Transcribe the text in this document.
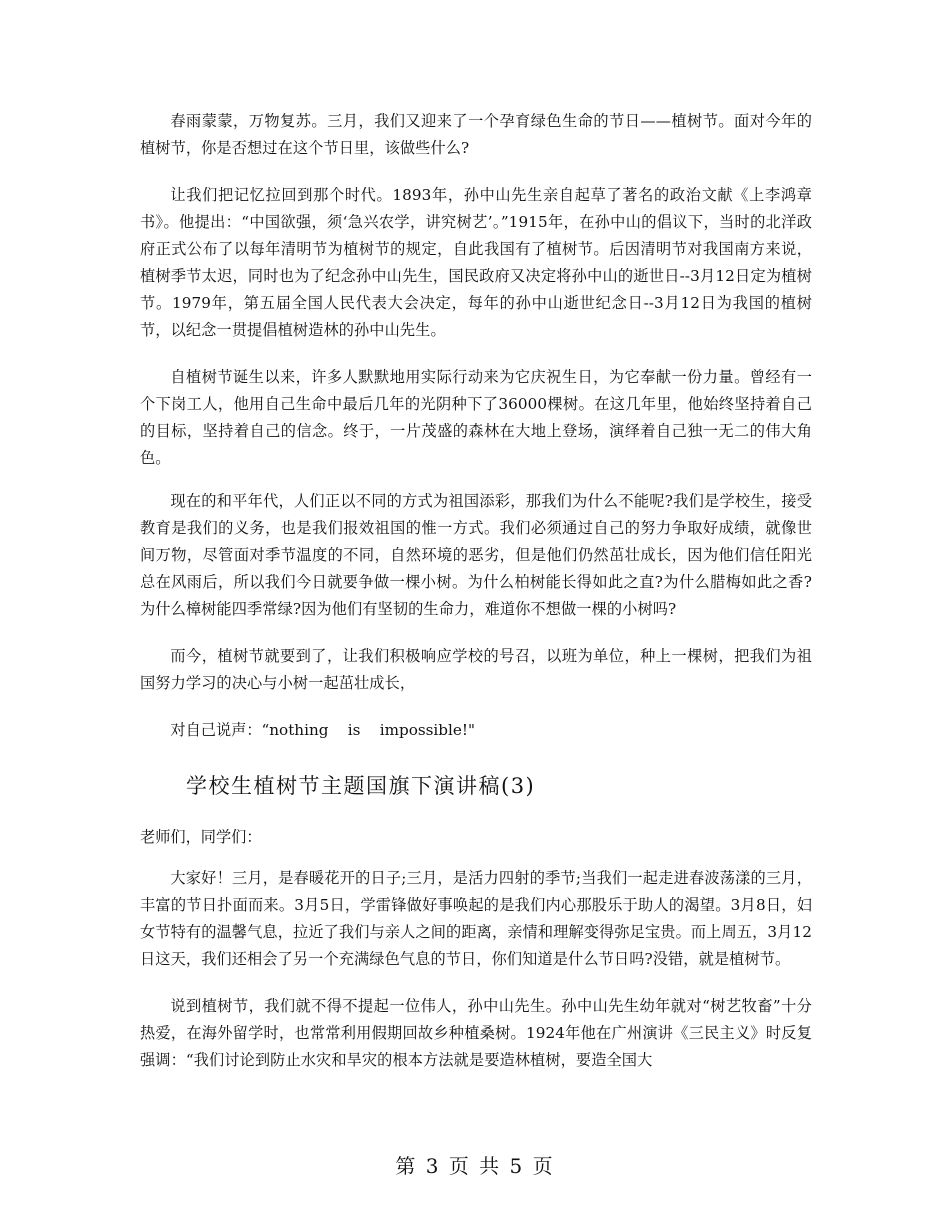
春雨蒙蒙，万物复苏。三月，我们又迎来了一个孕育绿色生命的节日——植树节。面对今年的植树节，你是否想过在这个节日里，该做些什么?

让我们把记忆拉回到那个时代。1893年，孙中山先生亲自起草了著名的政治文献《上李鸿章书》。他提出：“中国欲强，须‘急兴农学，讲究树艺’。”1915年，在孙中山的倡议下，当时的北洋政府正式公布了以每年清明节为植树节的规定，自此我国有了植树节。后因清明节对我国南方来说，植树季节太迟，同时也为了纪念孙中山先生，国民政府又决定将孙中山的逝世日--3月12日定为植树节。1979年，第五届全国人民代表大会决定，每年的孙中山逝世纪念日--3月12日为我国的植树节，以纪念一贯提倡植树造林的孙中山先生。

自植树节诞生以来，许多人默默地用实际行动来为它庆祝生日，为它奉献一份力量。曾经有一个下岗工人，他用自己生命中最后几年的光阴种下了36000棵树。在这几年里，他始终坚持着自己的目标，坚持着自己的信念。终于，一片茂盛的森林在大地上登场，演绎着自己独一无二的伟大角色。

现在的和平年代，人们正以不同的方式为祖国添彩，那我们为什么不能呢?我们是学校生，接受教育是我们的义务，也是我们报效祖国的惟一方式。我们必须通过自己的努力争取好成绩，就像世间万物，尽管面对季节温度的不同，自然环境的恶劣，但是他们仍然茁壮成长，因为他们信任阳光总在风雨后，所以我们今日就要争做一棵小树。为什么柏树能长得如此之直?为什么腊梅如此之香?为什么樟树能四季常绿?因为他们有坚韧的生命力，难道你不想做一棵的小树吗?

而今，植树节就要到了，让我们积极响应学校的号召，以班为单位，种上一棵树，把我们为祖国努力学习的决心与小树一起茁壮成长，

对自己说声：“nothing    is    impossible!"

学校生植树节主题国旗下演讲稿(3)

老师们，同学们：

大家好！三月，是春暖花开的日子;三月，是活力四射的季节;当我们一起走进春波荡漾的三月，丰富的节日扑面而来。3月5日，学雷锋做好事唤起的是我们内心那股乐于助人的渴望。3月8日，妇女节特有的温馨气息，拉近了我们与亲人之间的距离，亲情和理解变得弥足宝贵。而上周五，3月12日这天，我们还相会了另一个充满绿色气息的节日，你们知道是什么节日吗?没错，就是植树节。

说到植树节，我们就不得不提起一位伟人，孙中山先生。孙中山先生幼年就对“树艺牧畜”十分热爱，在海外留学时，也常常利用假期回故乡种植桑树。1924年他在广州演讲《三民主义》时反复强调：“我们讨论到防止水灾和旱灾的根本方法就是要造林植树，要造全国大

第 3 页 共 5 页
